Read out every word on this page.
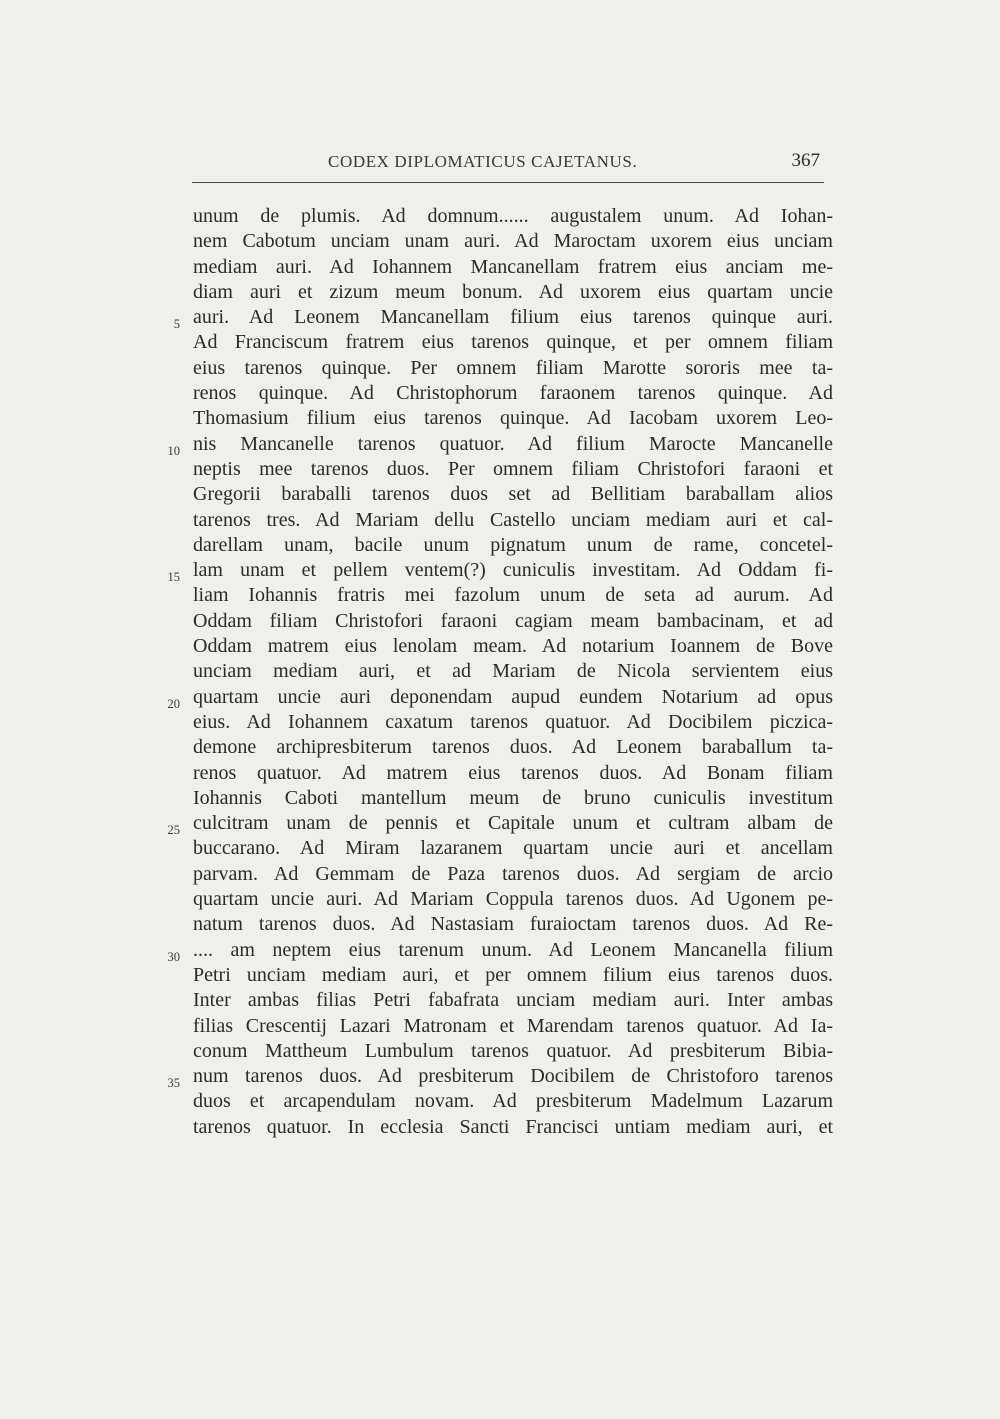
CODEX DIPLOMATICUS CAJETANUS.	367
5
10
15
20
25
30
35
unum de plumis. Ad domnum...... augustalem unum. Ad Iohan-
nem Cabotum unciam unam auri. Ad Maroctam uxorem eius unciam
mediam auri. Ad Iohannem Mancanellam fratrem eius anciam me-
diam auri et zizum meum bonum. Ad uxorem eius quartam uncie
auri. Ad Leonem Mancanellam filium eius tarenos quinque auri.
Ad Franciscum fratrem eius tarenos quinque, et per omnem filiam
eius tarenos quinque. Per omnem filiam Marotte sororis mee ta-
renos quinque. Ad Christophorum faraonem tarenos quinque. Ad
Thomasium filium eius tarenos quinque. Ad Iacobam uxorem Leo-
nis Mancanelle tarenos quatuor. Ad filium Maroctе Mancanelle
neptis mee tarenos duos. Per omnem filiam Christofori faraoni et
Gregorii baraballi tarenos duos set ad Bellitiam baraballam alios
tarenos tres. Ad Mariam dellu Castello unciam mediam auri et cal-
darellam unam, bacile unum pignatum unum de rame, concetel-
lam unam et pellem ventem(?) cuniculis investitam. Ad Oddam fi-
liam Iohannis fratris mei fazolum unum de seta ad aurum. Ad
Oddam filiam Christofori faraoni cagiam meam bambacinam, et ad
Oddam matrem eius lenolam meam. Ad notarium Ioannem de Bove
unciam mediam auri, et ad Mariam de Nicola servientem eius
quartam uncie auri deponendam aupud eundem Notarium ad opus
eius. Ad Iohannem caxatum tarenos quatuor. Ad Docibilem piczica-
demone archipresbiterum tarenos duos. Ad Leonem baraballum ta-
renos quatuor. Ad matrem eius tarenos duos. Ad Bonam filiam
Iohannis Caboti mantellum meum de bruno cuniculis investitum
culcitram unam de pennis et Capitale unum et cultram albam de
buccarano. Ad Miram lazaranem quartam uncie auri et ancellam
parvam. Ad Gemmam de Paza tarenos duos. Ad sergiam de arcio
quartam uncie auri. Ad Mariam Coppula tarenos duos. Ad Ugonem pe-
natum tarenos duos. Ad Nastasiam furaioctam tarenos duos. Ad Re-
.... am neptem eius tarenum unum. Ad Leonem Mancanella filium
Petri unciam mediam auri, et per omnem filium eius tarenos duos.
Inter ambas filias Petri fabafrata unciam mediam auri. Inter ambas
filias Crescentij Lazari Matronam et Marendam tarenos quatuor. Ad Ia-
conum Mattheum Lumbulum tarenos quatuor. Ad presbiterum Bibia-
num tarenos duos. Ad presbiterum Docibilem de Christoforo tarenos
duos et arcapendulam novam. Ad presbiterum Madelmum Lazarum
tarenos quatuor. In ecclesia Sancti Francisci untiam mediam auri, et
